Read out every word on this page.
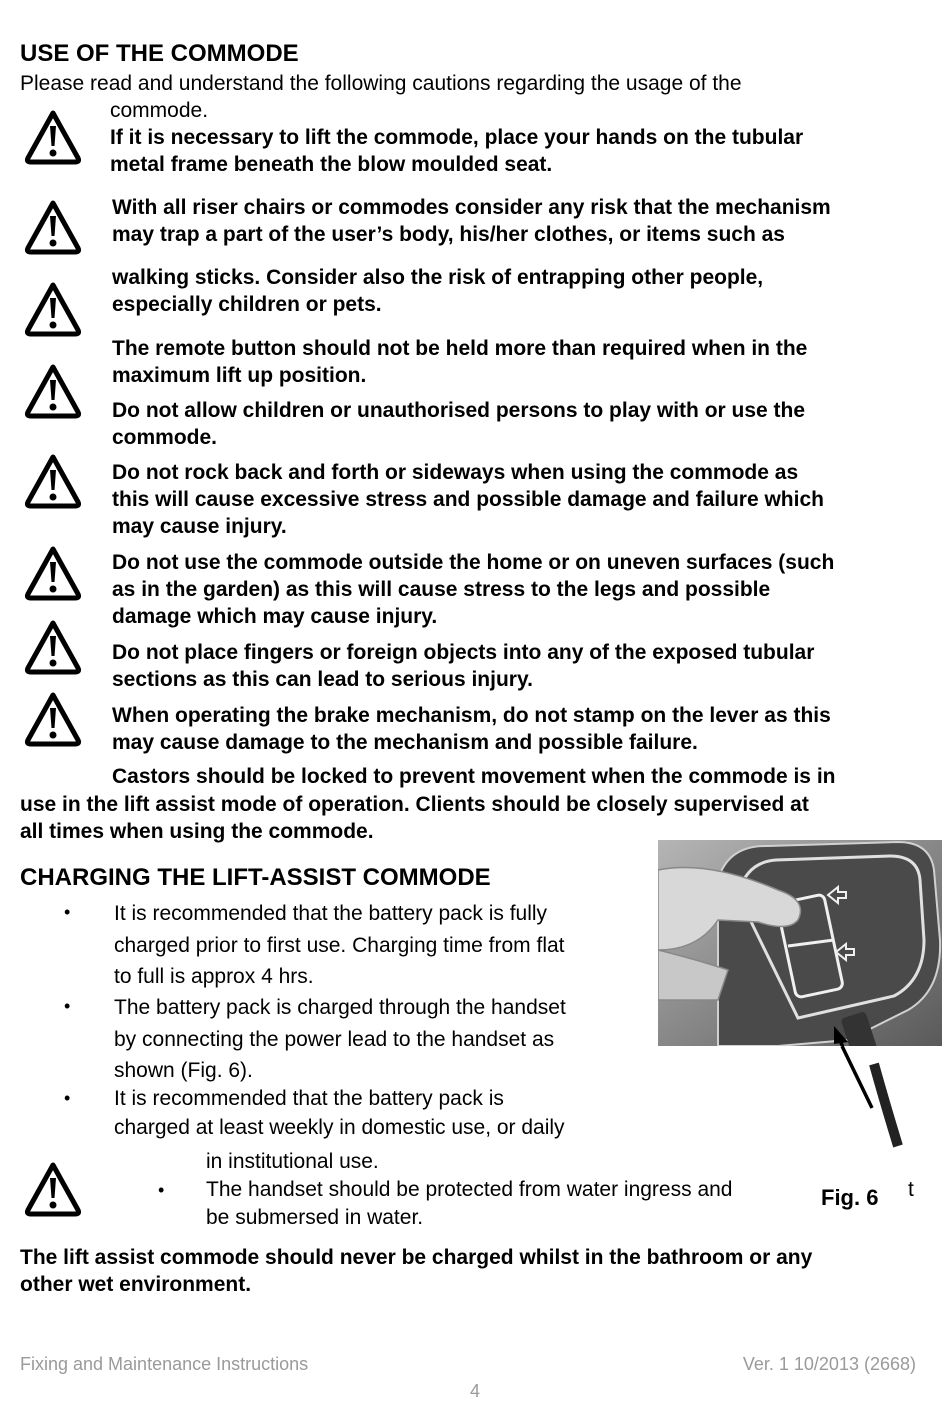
USE OF THE COMMODE
Please read and understand the following cautions regarding the usage of the
commode.
If it is necessary to lift the commode, place your hands on the tubular
metal frame beneath the blow moulded seat.
With all riser chairs or commodes consider any risk that the mechanism
may trap a part of the user’s body, his/her clothes, or items such as
walking sticks. Consider also the risk of entrapping other people,
especially children or pets.
The remote button should not be held more than required when in the
maximum lift up position.
Do not allow children or unauthorised persons to play with or use the
commode.
Do not rock back and forth or sideways when using the commode as
this will cause excessive stress and possible damage and failure which
may cause injury.
Do not use the commode outside the home or on uneven surfaces (such
as in the garden) as this will cause stress to the legs and possible
damage which may cause injury.
Do not place fingers or foreign objects into any of the exposed tubular
sections as this can lead to serious injury.
When operating the brake mechanism, do not stamp on the lever as this
may cause damage to the mechanism and possible failure.
Castors should be locked to prevent movement when the commode is in
use in the lift assist mode of operation. Clients should be closely supervised at
all times when using the commode.
CHARGING THE LIFT-ASSIST COMMODE
• It is recommended that the battery pack is fully
charged prior to first use. Charging time from flat
to full is approx 4 hrs.
• The battery pack is charged through the handset
by connecting the power lead to the handset as
shown (Fig. 6).
• It is recommended that the battery pack is
charged at least weekly in domestic use, or daily
in institutional use.
• The handset should be protected from water ingress and
be submersed in water.
t
Fig. 6
The lift assist commode should never be charged whilst in the bathroom or any
other wet environment.
Fixing and Maintenance Instructions	Ver. 1 10/2013 (2668)
4
